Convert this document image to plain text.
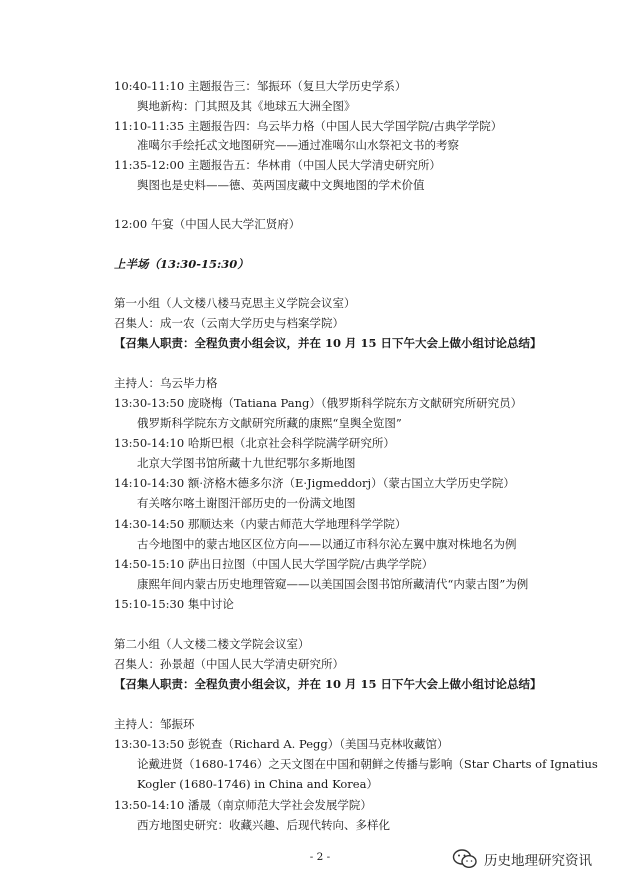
10:40-11:10 主题报告三：邹振环（复旦大学历史学系）
舆地新构：门其照及其《地球五大洲全图》
11:10-11:35 主题报告四：乌云毕力格（中国人民大学国学院/古典学学院）
准噶尔手绘托忒文地图研究——通过准噶尔山水祭祀文书的考察
11:35-12:00 主题报告五：华林甫（中国人民大学清史研究所）
舆图也是史料——德、英两国庋藏中文舆地图的学术价值
12:00 午宴（中国人民大学汇贤府）
上半场（13:30-15:30）
第一小组（人文楼八楼马克思主义学院会议室）
召集人：成一农（云南大学历史与档案学院）
【召集人职责：全程负责小组会议，并在 10 月 15 日下午大会上做小组讨论总结】
主持人：乌云毕力格
13:30-13:50 庞晓梅（Tatiana Pang）（俄罗斯科学院东方文献研究所研究员）
俄罗斯科学院东方文献研究所藏的康熙“皇舆全览图”
13:50-14:10 哈斯巴根（北京社会科学院满学研究所）
北京大学图书馆所藏十九世纪鄂尔多斯地图
14:10-14:30 额·济格木德多尔济（E·Jigmeddorj）（蒙古国立大学历史学院）
有关喀尔喀土谢图汗部历史的一份满文地图
14:30-14:50 那顺达来（内蒙古师范大学地理科学学院）
古今地图中的蒙古地区区位方向——以通辽市科尔沁左翼中旗对株地名为例
14:50-15:10 萨出日拉图（中国人民大学国学院/古典学学院）
康熙年间内蒙古历史地理管窥——以美国国会图书馆所藏清代“内蒙古图”为例
15:10-15:30 集中讨论
第二小组（人文楼二楼文学院会议室）
召集人：孙景超（中国人民大学清史研究所）
【召集人职责：全程负责小组会议，并在 10 月 15 日下午大会上做小组讨论总结】
主持人：邹振环
13:30-13:50 彭锐查（Richard A. Pegg）（美国马克林收藏馆）
论戴进贤（1680-1746）之天文图在中国和朝鲜之传播与影响（Star Charts of Ignatius
Kogler (1680-1746) in China and Korea）
13:50-14:10 潘晟（南京师范大学社会发展学院）
西方地图史研究：收藏兴趣、后现代转向、多样化
- 2 -	历史地理研究资讯
